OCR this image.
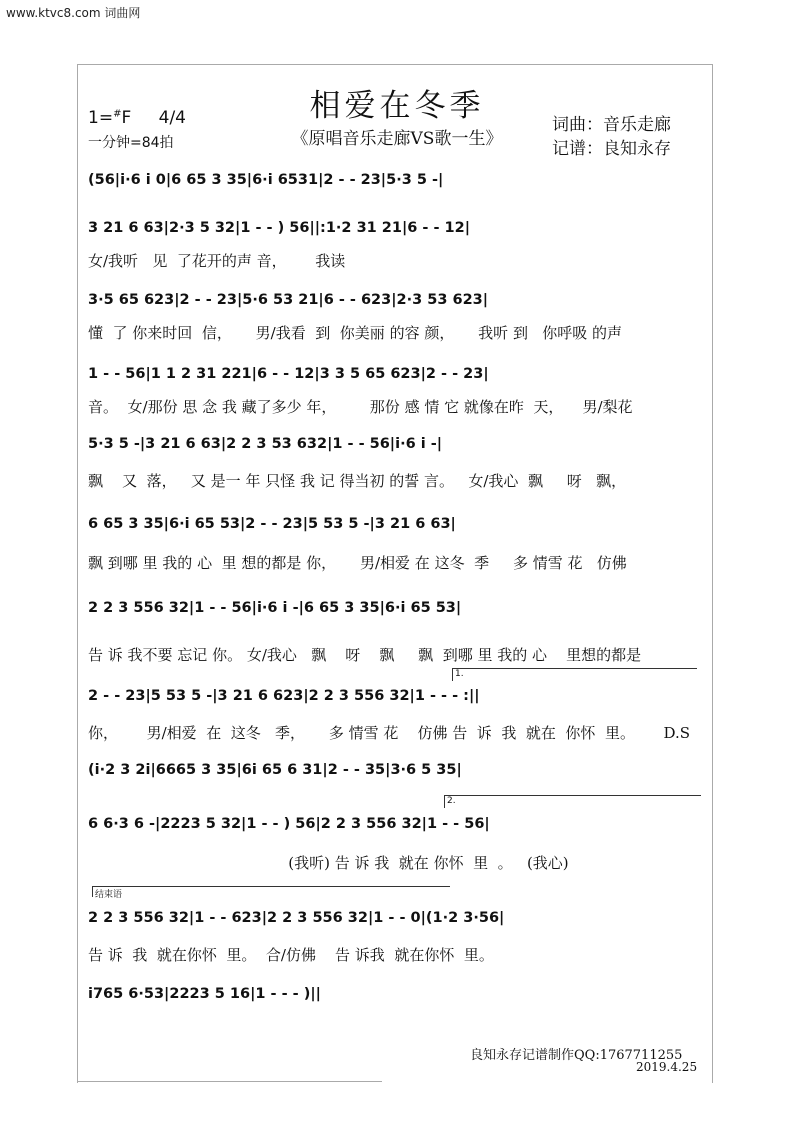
www.ktvc8.com 词曲网
相爱在冬季
《原唱音乐走廊VS歌一生》
1=#F 4/4
一分钟=84拍
词曲：音乐走廊
记谱：良知永存
(56|i·6 i 0|6 65 3 35|6·i 6531|2 - - 23|5·3 5 -|
3 21 6 63|2·3 5 32|1 - - ) 56||:1·2 31 21|6 - - 12|
女/我听   见  了花开的声 音，      我读
3·5 65 623|2 - - 23|5·6 53 21|6 - - 623|2·3 53 623|
懂  了 你来时回  信，     男/我看  到  你美丽 的容 颜，     我听 到   你呼吸 的声
1 - - 56|1 1 2 31 221|6 - - 12|3 3 5 65 623|2 - - 23|
音。  女/那份 思 念 我 藏了多少 年，       那份 感 情 它 就像在昨  天，    男/梨花
5·3 5 -|3 21 6 63|2 2 3 53 632|1 - - 56|i·6 i -|
飘    又  落，   又 是一 年 只怪 我 记 得当初 的誓 言。   女/我心  飘     呀   飘，
6 65 3 35|6·i 65 53|2 - - 23|5 53 5 -|3 21 6 63|
飘 到哪 里 我的 心  里 想的都是 你，     男/相爱 在 这冬  季     多 情雪 花   仿佛
2 2 3 556 32|1 - - 56|i·6 i -|6 65 3 35|6·i 65 53|
告 诉 我不要 忘记 你。 女/我心   飘    呀    飘     飘  到哪 里 我的 心    里想的都是
1.
2 - - 23|5 53 5 -|3 21 6 623|2 2 3 556 32|1 - - - :||
你，      男/相爱  在  这冬   季，     多 情雪 花    仿佛 告  诉  我  就在  你怀  里。      D.S
(i·2 3 2i|6665 3 35|6i 65 6 31|2 - - 35|3·6 5 35|
2.
6 6·3 6 -|2223 5 32|1 - - ) 56|2 2 3 556 32|1 - - 56|
(我听) 告 诉 我  就在 你怀  里  。   (我心)
结束语
2 2 3 556 32|1 - - 623|2 2 3 556 32|1 - - 0|(1·2 3·56|
告 诉  我  就在你怀  里。  合/仿佛    告 诉我  就在你怀  里。
i765 6·53|2223 5 16|1 - - - )||
良知永存记谱制作QQ:1767711255
2019.4.25
